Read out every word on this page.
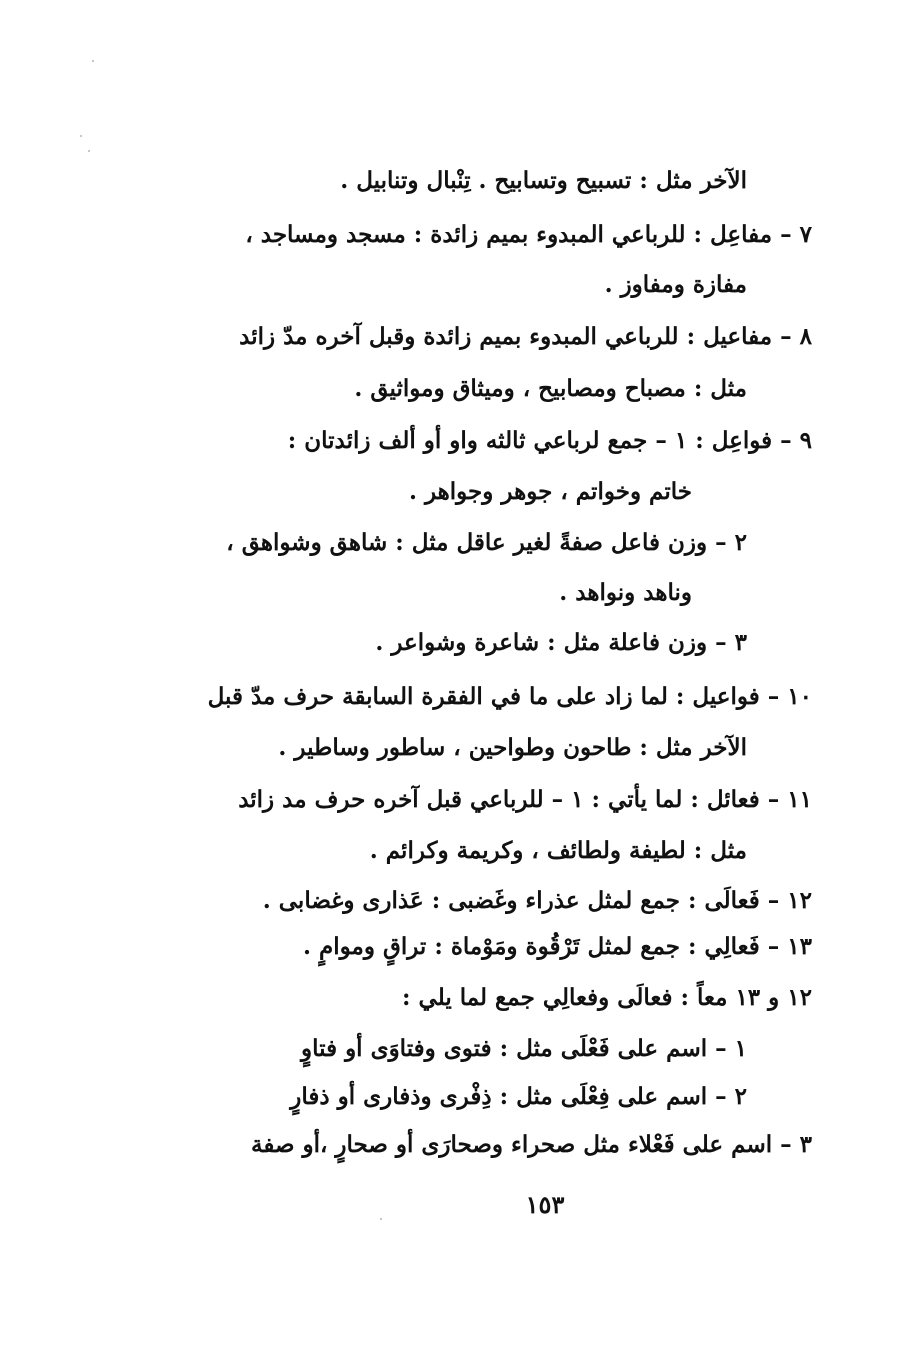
الآخر مثل : تسبيح وتسابيح . تِنْبال وتنابيل .
٧ – مفاعِل : للرباعي المبدوء بميم زائدة : مسجد ومساجد ،
مفازة ومفاوز .
٨ – مفاعيل : للرباعي المبدوء بميم زائدة وقبل آخره مدّ زائد
مثل : مصباح ومصابيح ، وميثاق ومواثيق .
٩ – فواعِل : ١ – جمع لرباعي ثالثه واو أو ألف زائدتان :
خاتم وخواتم ، جوهر وجواهر .
٢ – وزن فاعل صفةً لغير عاقل مثل : شاهق وشواهق ،
وناهد ونواهد .
٣ – وزن فاعلة مثل : شاعرة وشواعر .
١٠ – فواعيل : لما زاد على ما في الفقرة السابقة حرف مدّ قبل
الآخر مثل : طاحون وطواحين ، ساطور وساطير .
١١ – فعائل : لما يأتي : ١ – للرباعي قبل آخره حرف مد زائد
مثل : لطيفة ولطائف ، وكريمة وكرائم .
١٢ – فَعالَى : جمع لمثل عذراء وغَضبى : عَذارى وغضابى .
١٣ – فَعالِي : جمع لمثل تَرْقُوة ومَوْماة : تراقٍ وموامٍ .
١٢ و ١٣ معاً : فعالَى وفعالِي جمع لما يلي :
١ – اسم على فَعْلَى مثل : فتوى وفتاوَى أو فتاوٍ
٢ – اسم على فِعْلَى مثل : ذِفْرى وذفارى أو ذفارٍ
٣ – اسم على فَعْلاء مثل صحراء وصحارَى أو صحارٍ ،أو صفة
١٥٣
